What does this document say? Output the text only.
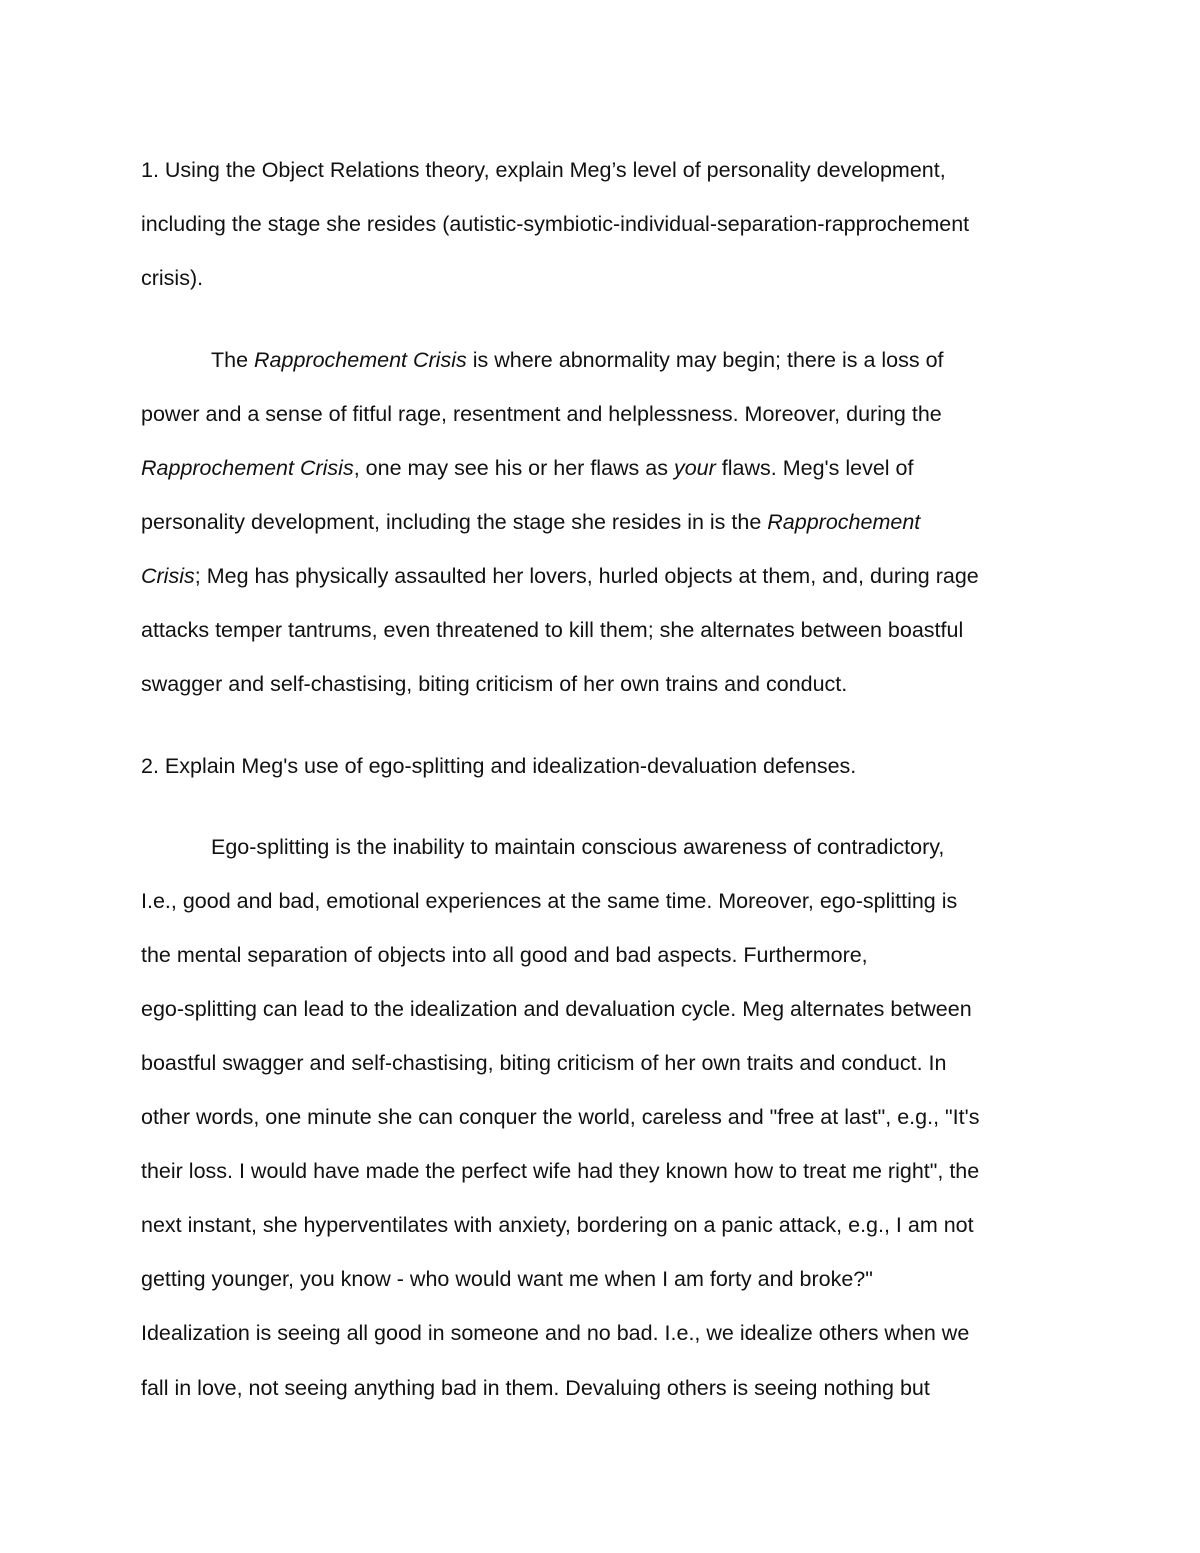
1. Using the Object Relations theory, explain Meg’s level of personality development,
including the stage she resides (autistic-symbiotic-individual-separation-rapprochement
crisis).
The Rapprochement Crisis is where abnormality may begin; there is a loss of
power and a sense of fitful rage, resentment and helplessness. Moreover, during the
Rapprochement Crisis, one may see his or her flaws as your flaws. Meg's level of
personality development, including the stage she resides in is the Rapprochement
Crisis; Meg has physically assaulted her lovers, hurled objects at them, and, during rage
attacks temper tantrums, even threatened to kill them; she alternates between boastful
swagger and self-chastising, biting criticism of her own trains and conduct.
2. Explain Meg's use of ego-splitting and idealization-devaluation defenses.
Ego-splitting is the inability to maintain conscious awareness of contradictory,
I.e., good and bad, emotional experiences at the same time. Moreover, ego-splitting is
the mental separation of objects into all good and bad aspects. Furthermore,
ego-splitting can lead to the idealization and devaluation cycle. Meg alternates between
boastful swagger and self-chastising, biting criticism of her own traits and conduct. In
other words, one minute she can conquer the world, careless and "free at last", e.g., "It's
their loss. I would have made the perfect wife had they known how to treat me right", the
next instant, she hyperventilates with anxiety, bordering on a panic attack, e.g., I am not
getting younger, you know - who would want me when I am forty and broke?"
Idealization is seeing all good in someone and no bad. I.e., we idealize others when we
fall in love, not seeing anything bad in them. Devaluing others is seeing nothing but
